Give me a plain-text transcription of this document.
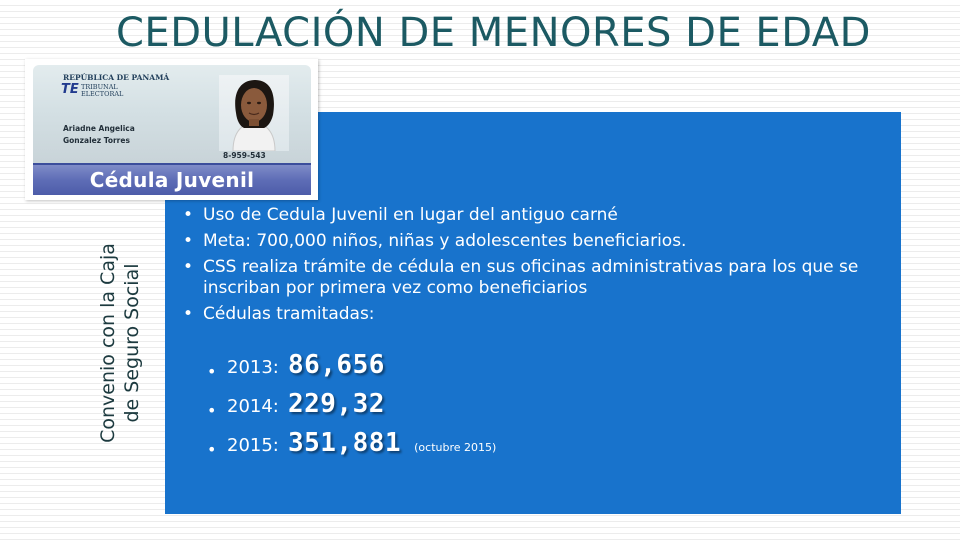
CEDULACIÓN DE MENORES DE EDAD
Convenio con la Caja de Seguro Social
REPÚBLICA DE PANAMÁ
TE TRIBUNAL
ELECTORAL
Ariadne Angelica
Gonzalez Torres
8-959-543
Cédula Juvenil
• Uso de Cedula Juvenil en lugar del antiguo carné
• Meta: 700,000 niños, niñas y adolescentes beneficiarios.
• CSS realiza trámite de cédula en sus oficinas administrativas para los que se inscriban por primera vez como beneficiarios
• Cédulas tramitadas:
• 2013: 86,656
• 2014: 229,32
• 2015: 351,881 (octubre 2015)
